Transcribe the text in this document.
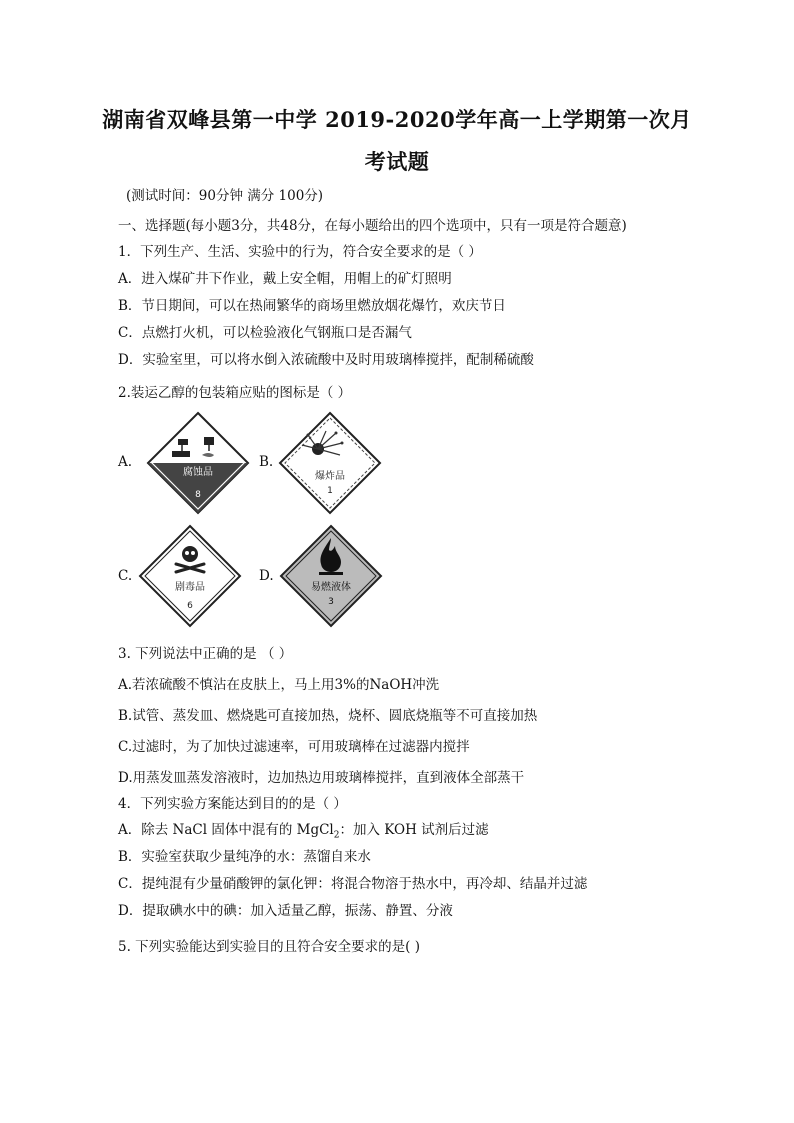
湖南省双峰县第一中学 2019-2020学年高一上学期第一次月
考试题
(测试时间：90分钟 满分 100分)
一、选择题(每小题3分，共48分，在每小题给出的四个选项中，只有一项是符合题意)
1．下列生产、生活、实验中的行为，符合安全要求的是（ ）
A．进入煤矿井下作业，戴上安全帽，用帽上的矿灯照明
B．节日期间，可以在热闹繁华的商场里燃放烟花爆竹，欢庆节日
C．点燃打火机，可以检验液化气钢瓶口是否漏气
D．实验室里，可以将水倒入浓硫酸中及时用玻璃棒搅拌，配制稀硫酸
2.装运乙醇的包装箱应贴的图标是（ ）
A.
腐蚀品
8
B.
爆炸品
1
C.
剧毒品
6
D.
易燃液体
3
3. 下列说法中正确的是 （ ）
A.若浓硫酸不慎沾在皮肤上，马上用3%的NaOH冲洗
B.试管、蒸发皿、燃烧匙可直接加热，烧杯、圆底烧瓶等不可直接加热
C.过滤时，为了加快过滤速率，可用玻璃棒在过滤器内搅拌
D.用蒸发皿蒸发溶液时，边加热边用玻璃棒搅拌，直到液体全部蒸干
4．下列实验方案能达到目的的是（ ）
A．除去 NaCl 固体中混有的 MgCl$_2$：加入 KOH 试剂后过滤
B．实验室获取少量纯净的水：蒸馏自来水
C．提纯混有少量硝酸钾的氯化钾：将混合物溶于热水中，再冷却、结晶并过滤
D．提取碘水中的碘：加入适量乙醇，振荡、静置、分液
5. 下列实验能达到实验目的且符合安全要求的是( )
